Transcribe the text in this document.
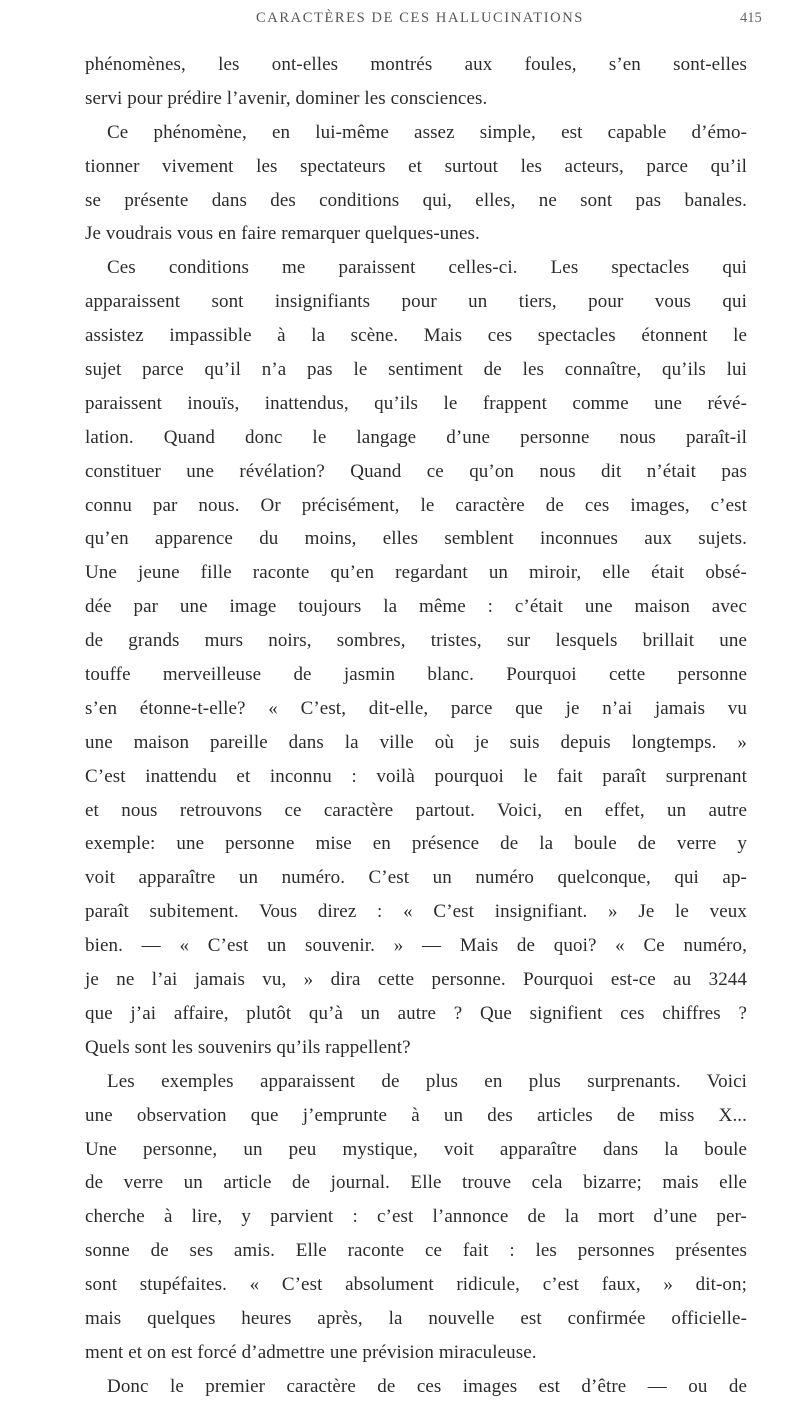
CARACTÈRES DE CES HALLUCINATIONS	415
phénomènes, les ont-elles montrés aux foules, s’en sont-elles
servi pour prédire l’avenir, dominer les consciences.
Ce phénomène, en lui-même assez simple, est capable d’émo-
tionner vivement les spectateurs et surtout les acteurs, parce qu’il
se présente dans des conditions qui, elles, ne sont pas banales.
Je voudrais vous en faire remarquer quelques-unes.
Ces conditions me paraissent celles-ci. Les spectacles qui
apparaissent sont insignifiants pour un tiers, pour vous qui
assistez impassible à la scène. Mais ces spectacles étonnent le
sujet parce qu’il n’a pas le sentiment de les connaître, qu’ils lui
paraissent inouïs, inattendus, qu’ils le frappent comme une révé-
lation. Quand donc le langage d’une personne nous paraît-il
constituer une révélation? Quand ce qu’on nous dit n’était pas
connu par nous. Or précisément, le caractère de ces images, c’est
qu’en apparence du moins, elles semblent inconnues aux sujets.
Une jeune fille raconte qu’en regardant un miroir, elle était obsé-
dée par une image toujours la même : c’était une maison avec
de grands murs noirs, sombres, tristes, sur lesquels brillait une
touffe merveilleuse de jasmin blanc. Pourquoi cette personne
s’en étonne-t-elle? « C’est, dit-elle, parce que je n’ai jamais vu
une maison pareille dans la ville où je suis depuis longtemps. »
C’est inattendu et inconnu : voilà pourquoi le fait paraît surprenant
et nous retrouvons ce caractère partout. Voici, en effet, un autre
exemple: une personne mise en présence de la boule de verre y
voit apparaître un numéro. C’est un numéro quelconque, qui ap-
paraît subitement. Vous direz : « C’est insignifiant. » Je le veux
bien. — « C’est un souvenir. » — Mais de quoi? « Ce numéro,
je ne l’ai jamais vu, » dira cette personne. Pourquoi est-ce au 3244
que j’ai affaire, plutôt qu’à un autre ? Que signifient ces chiffres ?
Quels sont les souvenirs qu’ils rappellent?
Les exemples apparaissent de plus en plus surprenants. Voici
une observation que j’emprunte à un des articles de miss X...
Une personne, un peu mystique, voit apparaître dans la boule
de verre un article de journal. Elle trouve cela bizarre; mais elle
cherche à lire, y parvient : c’est l’annonce de la mort d’une per-
sonne de ses amis. Elle raconte ce fait : les personnes présentes
sont stupéfaites. « C’est absolument ridicule, c’est faux, » dit-on;
mais quelques heures après, la nouvelle est confirmée officielle-
ment et on est forcé d’admettre une prévision miraculeuse.
Donc le premier caractère de ces images est d’être — ou de
